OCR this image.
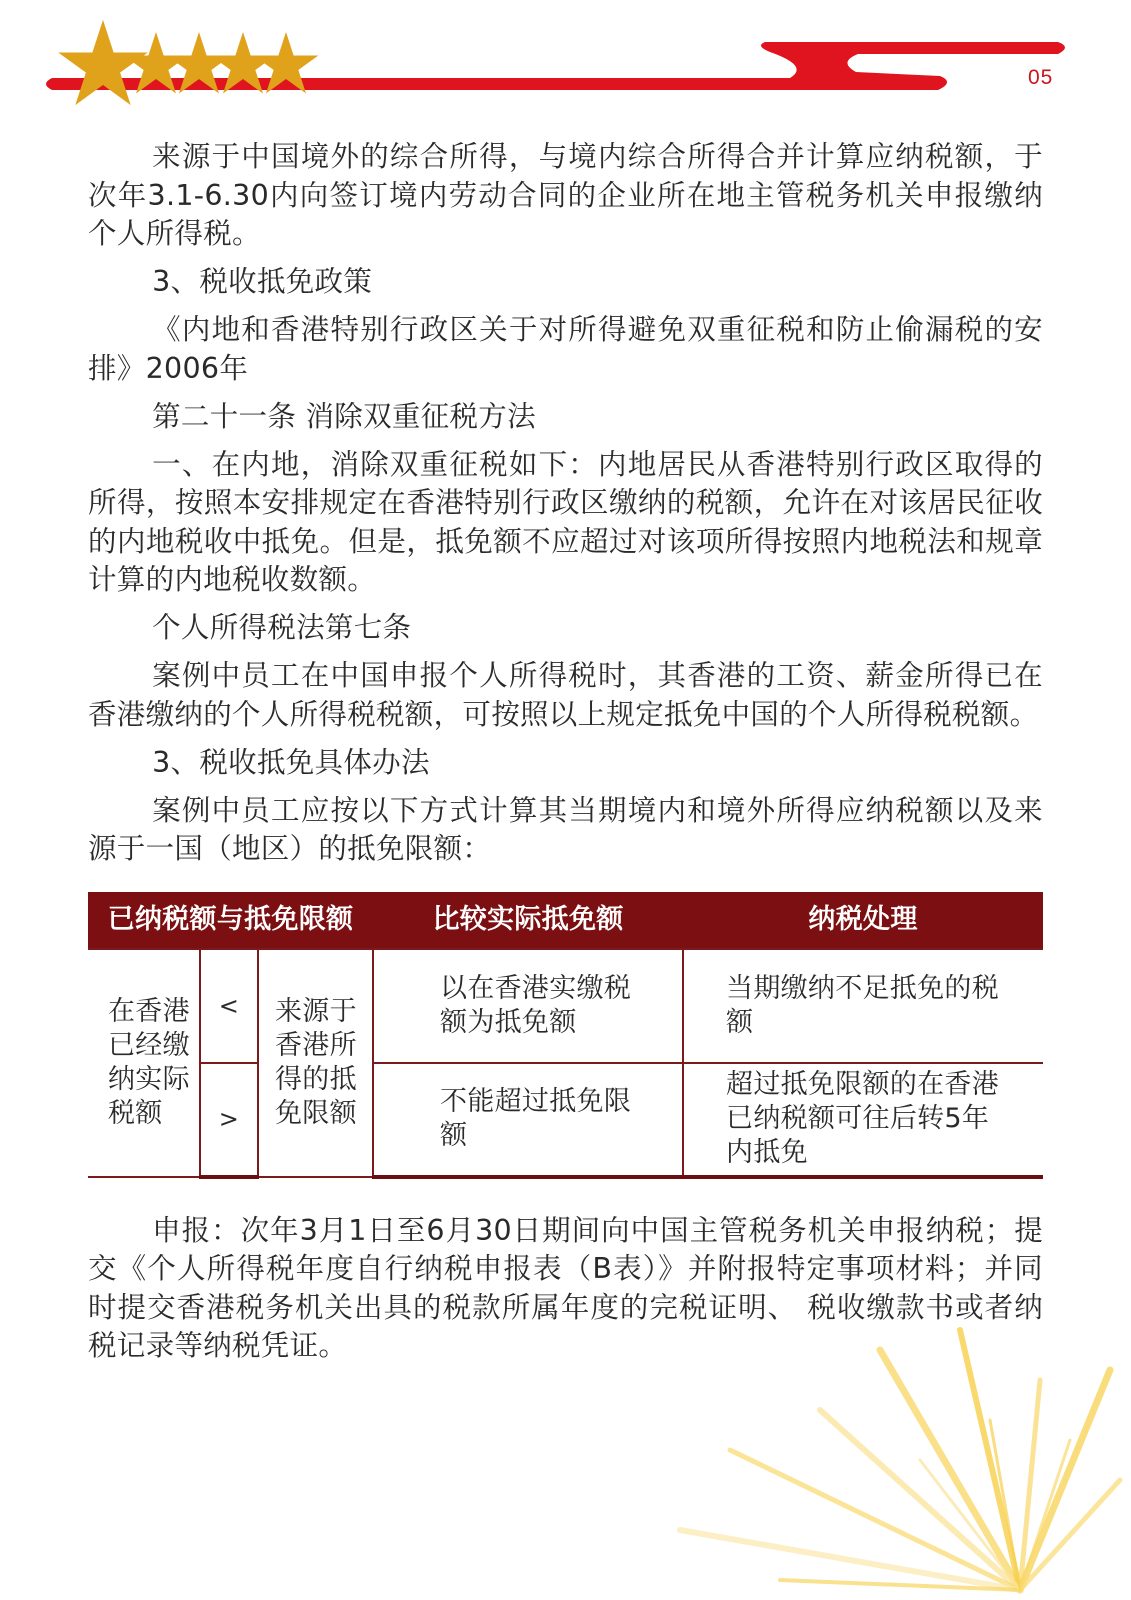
05

来源于中国境外的综合所得，与境内综合所得合并计算应纳税额，于次年3.1-6.30内向签订境内劳动合同的企业所在地主管税务机关申报缴纳个人所得税。

3、税收抵免政策

《内地和香港特别行政区关于对所得避免双重征税和防止偷漏税的安排》2006年

第二十一条 消除双重征税方法

一、在内地，消除双重征税如下：内地居民从香港特别行政区取得的所得，按照本安排规定在香港特别行政区缴纳的税额，允许在对该居民征收的内地税收中抵免。但是，抵免额不应超过对该项所得按照内地税法和规章计算的内地税收数额。

个人所得税法第七条

案例中员工在中国申报个人所得税时，其香港的工资、薪金所得已在香港缴纳的个人所得税税额，可按照以上规定抵免中国的个人所得税税额。

3、税收抵免具体办法

案例中员工应按以下方式计算其当期境内和境外所得应纳税额以及来源于一国（地区）的抵免限额：

已纳税额与抵免限额			比较实际抵免额	纳税处理
在香港已经缴纳实际税额	<	来源于香港所得的抵免限额	以在香港实缴税额为抵免额	当期缴纳不足抵免的税额
	>		不能超过抵免限额	超过抵免限额的在香港已纳税额可往后转5年内抵免

申报：次年3月1日至6月30日期间向中国主管税务机关申报纳税；提交《个人所得税年度自行纳税申报表（B表）》并附报特定事项材料；并同时提交香港税务机关出具的税款所属年度的完税证明、 税收缴款书或者纳税记录等纳税凭证。
